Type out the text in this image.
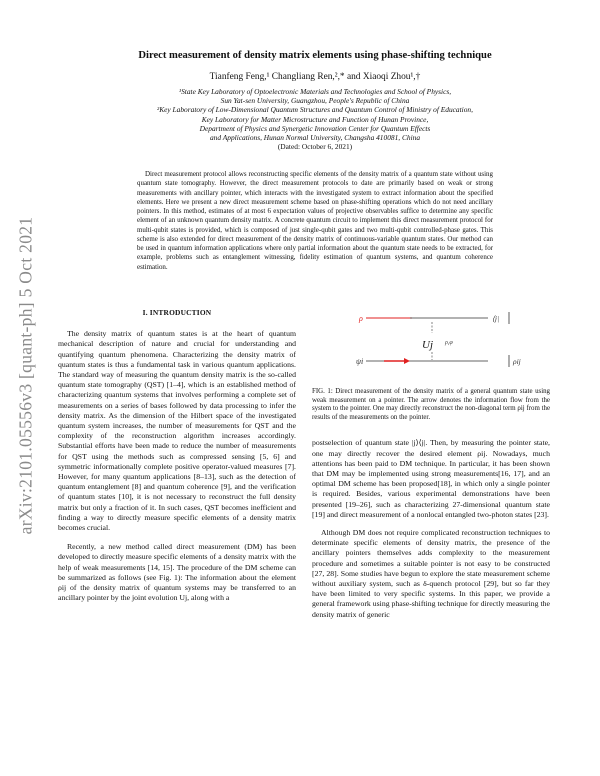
arXiv:2101.05556v3 [quant-ph] 5 Oct 2021
Direct measurement of density matrix elements using phase-shifting technique

Tianfeng Feng,¹ Changliang Ren,²,* and Xiaoqi Zhou¹,†

¹State Key Laboratory of Optoelectronic Materials and Technologies and School of Physics,
Sun Yat-sen University, Guangzhou, People's Republic of China
²Key Laboratory of Low-Dimensional Quantum Structures and Quantum Control of Ministry of Education,
Key Laboratory for Matter Microstructure and Function of Hunan Province,
Department of Physics and Synergetic Innovation Center for Quantum Effects
and Applications, Hunan Normal University, Changsha 410081, China
(Dated: October 6, 2021)

Direct measurement protocol allows reconstructing specific elements of the density matrix of a quantum state without using quantum state tomography. However, the direct measurement protocols to date are primarily based on weak or strong measurements with ancillary pointer, which interacts with the investigated system to extract information about the specified elements. Here we present a new direct measurement scheme based on phase-shifting operations which do not need ancillary pointers. In this method, estimates of at most 6 expectation values of projective observables suffice to determine any specific element of an unknown quantum density matrix. A concrete quantum circuit to implement this direct measurement protocol for multi-qubit states is provided, which is composed of just single-qubit gates and two multi-qubit controlled-phase gates. This scheme is also extended for direct measurement of the density matrix of continuous-variable quantum states. Our method can be used in quantum information applications where only partial information about the quantum state needs to be extracted, for example, problems such as entanglement witnessing, fidelity estimation of quantum systems, and quantum coherence estimation.

I. INTRODUCTION

The density matrix of quantum states is at the heart of quantum mechanical description of nature and crucial for understanding and quantifying quantum phenomena. Characterizing the density matrix of quantum states is thus a fundamental task in various quantum applications. The standard way of measuring the quantum density matrix is the so-called quantum state tomography (QST) [1–4], which is an established method of characterizing quantum systems that involves performing a complete set of measurements on a series of bases followed by data processing to infer the density matrix. As the dimension of the Hilbert space of the investigated quantum system increases, the number of measurements for QST and the complexity of the reconstruction algorithm increases accordingly. Substantial efforts have been made to reduce the number of measurements for QST using the methods such as compressed sensing [5, 6] and symmetric informationally complete positive operator-valued measures [7]. However, for many quantum applications [8–13], such as the detection of quantum entanglement [8] and quantum coherence [9], and the verification of quantum states [10], it is not necessary to reconstruct the full density matrix but only a fraction of it. In such cases, QST becomes inefficient and finding a way to directly measure specific elements of a density matrix becomes crucial.

Recently, a new method called direct measurement (DM) has been developed to directly measure specific elements of a density matrix with the help of weak measurements [14, 15]. The procedure of the DM scheme can be summarized as follows (see Fig. 1): The information about the element ρij of the density matrix of quantum systems may be transferred to an ancillary pointer by the joint evolution Uj, along with a

ρ	⟨j|
Uj ρ,φ
ψi	ρij

FIG. 1: Direct measurement of the density matrix of a general quantum state using weak measurement on a pointer. The arrow denotes the information flow from the system to the pointer. One may directly reconstruct the non-diagonal term ρij from the results of the measurements on the pointer.

postselection of quantum state |j⟩⟨j|. Then, by measuring the pointer state, one may directly recover the desired element ρij. Nowadays, much attentions has been paid to DM technique. In particular, it has been shown that DM may be implemented using strong measurements[16, 17], and an optimal DM scheme has been proposed[18], in which only a single pointer is required. Besides, various experimental demonstrations have been presented [19–26], such as characterizing 27-dimensional quantum state [19] and direct measurement of a nonlocal entangled two-photon states [23].

Although DM does not require complicated reconstruction techniques to determinate specific elements of density matrix, the presence of the ancillary pointers themselves adds complexity to the measurement procedure and sometimes a suitable pointer is not easy to be constructed [27, 28]. Some studies have begun to explore the state measurement scheme without auxiliary system, such as δ-quench protocol [29], but so far they have been limited to very specific systems. In this paper, we provide a general framework using phase-shifting technique for directly measuring the density matrix of generic
